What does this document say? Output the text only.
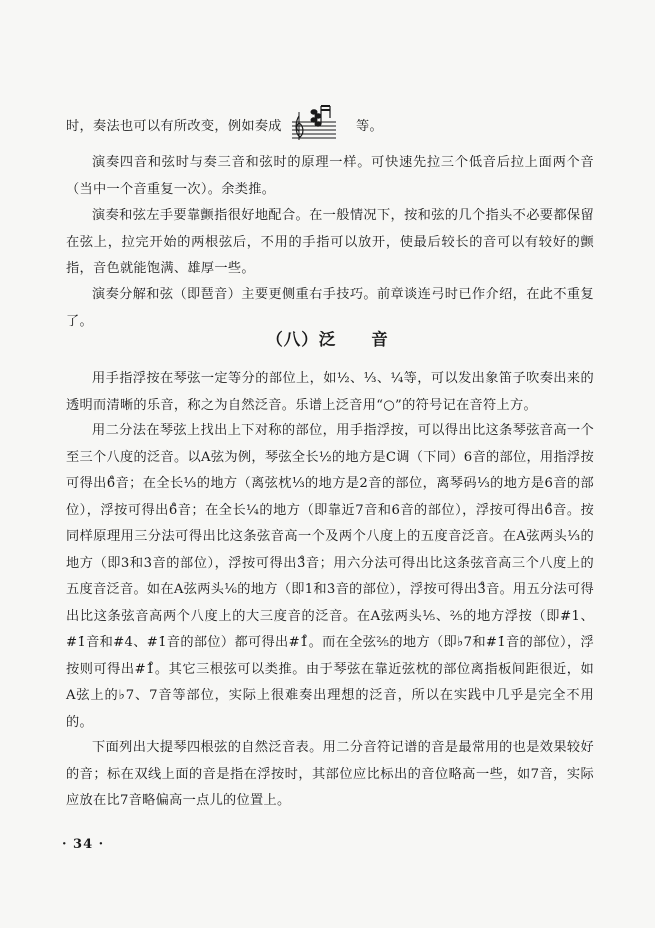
时，奏法也可以有所改变，例如奏成	等。

演奏四音和弦时与奏三音和弦时的原理一样。可快速先拉三个低音后拉上面两个音（当中一个音重复一次）。余类推。

演奏和弦左手要靠颤指很好地配合。在一般情况下，按和弦的几个指头不必要都保留在弦上，拉完开始的两根弦后，不用的手指可以放开，使最后较长的音可以有较好的颤指，音色就能饱满、雄厚一些。

演奏分解和弦（即琶音）主要更侧重右手技巧。前章谈连弓时已作介绍，在此不重复了。

（八）泛　　音

用手指浮按在琴弦一定等分的部位上，如½、⅓、¼等，可以发出象笛子吹奏出来的透明而清晰的乐音，称之为自然泛音。乐谱上泛音用“○”的符号记在音符上方。

用二分法在琴弦上找出上下对称的部位，用手指浮按，可以得出比这条琴弦音高一个至三个八度的泛音。以A弦为例，琴弦全长½的地方是C调（下同）6音的部位，用指浮按可得出6̊音；在全长⅓的地方（离弦枕⅓的地方是2音的部位，离琴码⅓的地方是6̇音的部位），浮按可得出6̊音；在全长¼的地方（即靠近7音和6̇音的部位），浮按可得出6̊音。按同样原理用三分法可得出比这条弦音高一个及两个八度上的五度音泛音。在A弦两头⅓的地方（即3和3̇音的部位），浮按可得出3̊音；用六分法可得出比这条弦音高三个八度上的五度音泛音。如在A弦两头⅙的地方（即1和3̇音的部位），浮按可得出3̊音。用五分法可得出比这条弦音高两个八度上的大三度音的泛音。在A弦两头⅕、⅖的地方浮按（即#1、#1̇音和#4、#1̇音的部位）都可得出#1̊。而在全弦⅖的地方（即♭7和#1̇音的部位），浮按则可得出#1̊。其它三根弦可以类推。由于琴弦在靠近弦枕的部位离指板间距很近，如A弦上的♭7、7音等部位，实际上很难奏出理想的泛音，所以在实践中几乎是完全不用的。

下面列出大提琴四根弦的自然泛音表。用二分音符记谱的音是最常用的也是效果较好的音；标在双线上面的音是指在浮按时，其部位应比标出的音位略高一些，如7音，实际应放在比7音略偏高一点儿的位置上。

· 34 ·
